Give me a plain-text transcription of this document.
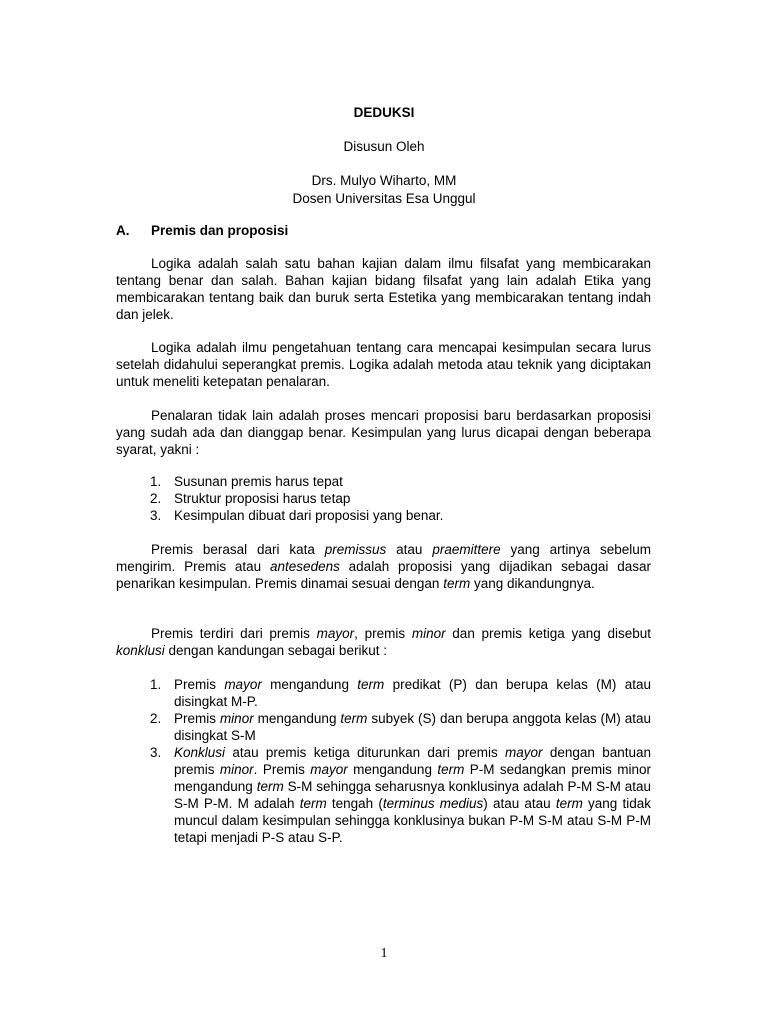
DEDUKSI
Disusun Oleh
Drs. Mulyo Wiharto, MM
Dosen Universitas Esa Unggul
A. Premis dan proposisi

Logika adalah salah satu bahan kajian dalam ilmu filsafat yang membicarakan tentang benar dan salah. Bahan kajian bidang filsafat yang lain adalah Etika yang membicarakan tentang baik dan buruk serta Estetika yang membicarakan tentang indah dan jelek.

Logika adalah ilmu pengetahuan tentang cara mencapai kesimpulan secara lurus setelah didahului seperangkat premis. Logika adalah metoda atau teknik yang diciptakan untuk meneliti ketepatan penalaran.

Penalaran tidak lain adalah proses mencari proposisi baru berdasarkan proposisi yang sudah ada dan dianggap benar. Kesimpulan yang lurus dicapai dengan beberapa syarat, yakni :

1. Susunan premis harus tepat
2. Struktur proposisi harus tetap
3. Kesimpulan dibuat dari proposisi yang benar.

Premis berasal dari kata premissus atau praemittere yang artinya sebelum mengirim. Premis atau antesedens adalah proposisi yang dijadikan sebagai dasar penarikan kesimpulan. Premis dinamai sesuai dengan term yang dikandungnya.

Premis terdiri dari premis mayor, premis minor dan premis ketiga yang disebut konklusi dengan kandungan sebagai berikut :

1. Premis mayor mengandung term predikat (P) dan berupa kelas (M) atau disingkat M-P.
2. Premis minor mengandung term subyek (S) dan berupa anggota kelas (M) atau disingkat S-M
3. Konklusi atau premis ketiga diturunkan dari premis mayor dengan bantuan premis minor. Premis mayor mengandung term P-M sedangkan premis minor mengandung term S-M sehingga seharusnya konklusinya adalah P-M S-M atau S-M P-M. M adalah term tengah (terminus medius) atau atau term yang tidak muncul dalam kesimpulan sehingga konklusinya bukan P-M S-M atau S-M P-M tetapi menjadi P-S atau S-P.
1
